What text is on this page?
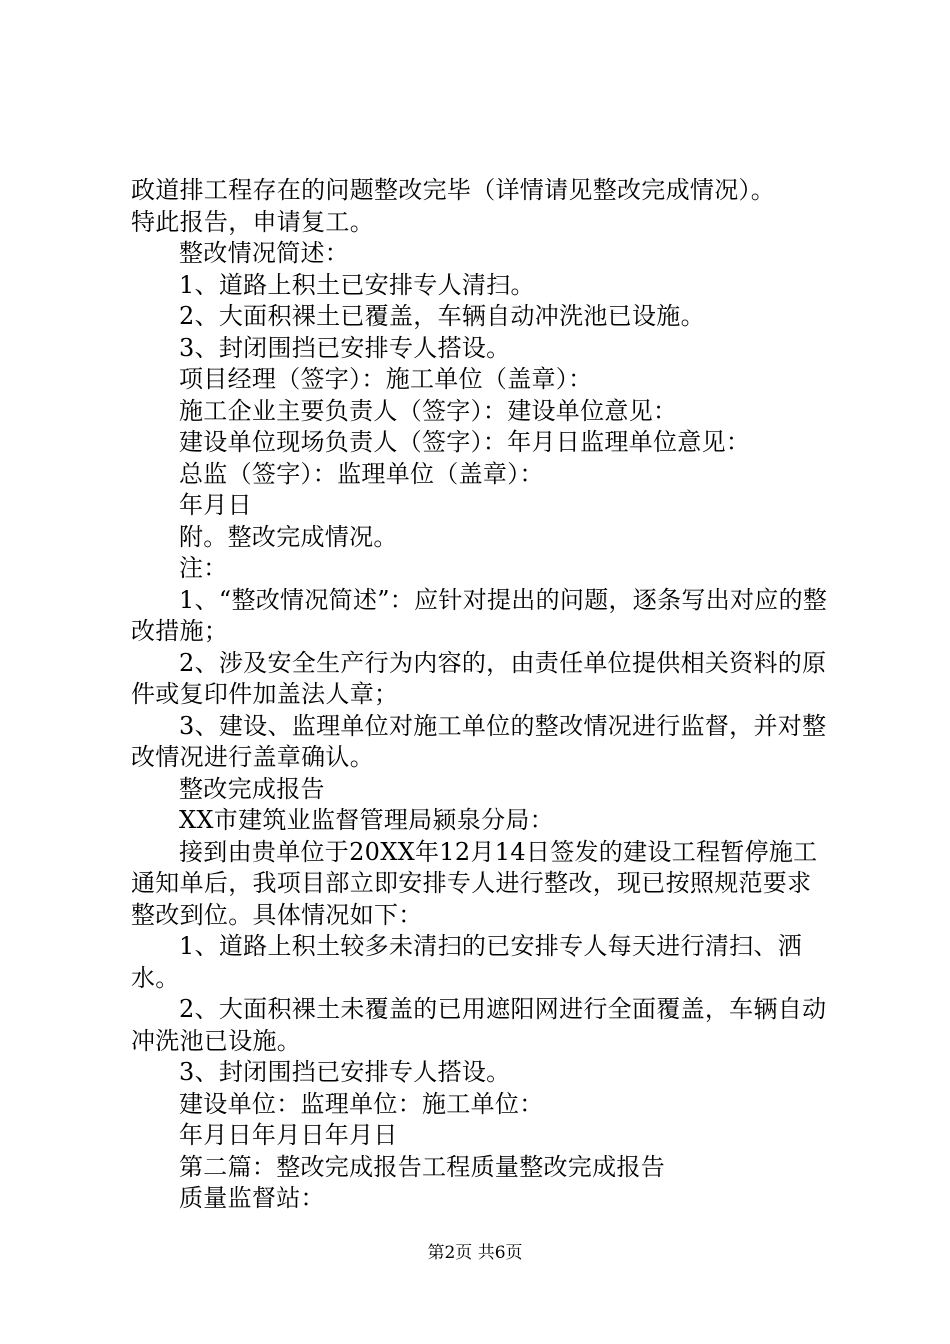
政道排工程存在的问题整改完毕（详情请见整改完成情况）。

特此报告，申请复工。

整改情况简述：

1、道路上积土已安排专人清扫。

2、大面积裸土已覆盖，车辆自动冲洗池已设施。

3、封闭围挡已安排专人搭设。

项目经理（签字）：施工单位（盖章）：

施工企业主要负责人（签字）：建设单位意见：

建设单位现场负责人（签字）：年月日监理单位意见：

总监（签字）：监理单位（盖章）：

年月日

附。整改完成情况。

注：

1、“整改情况简述”：应针对提出的问题，逐条写出对应的整改措施；

2、涉及安全生产行为内容的，由责任单位提供相关资料的原件或复印件加盖法人章；

3、建设、监理单位对施工单位的整改情况进行监督，并对整改情况进行盖章确认。

整改完成报告

XX市建筑业监督管理局颍泉分局：

接到由贵单位于20XX年12月14日签发的建设工程暂停施工通知单后，我项目部立即安排专人进行整改，现已按照规范要求整改到位。具体情况如下：

1、道路上积土较多未清扫的已安排专人每天进行清扫、洒水。

2、大面积裸土未覆盖的已用遮阳网进行全面覆盖，车辆自动冲洗池已设施。

3、封闭围挡已安排专人搭设。

建设单位：监理单位：施工单位：

年月日年月日年月日

第二篇：整改完成报告工程质量整改完成报告

质量监督站：

第2页 共6页
